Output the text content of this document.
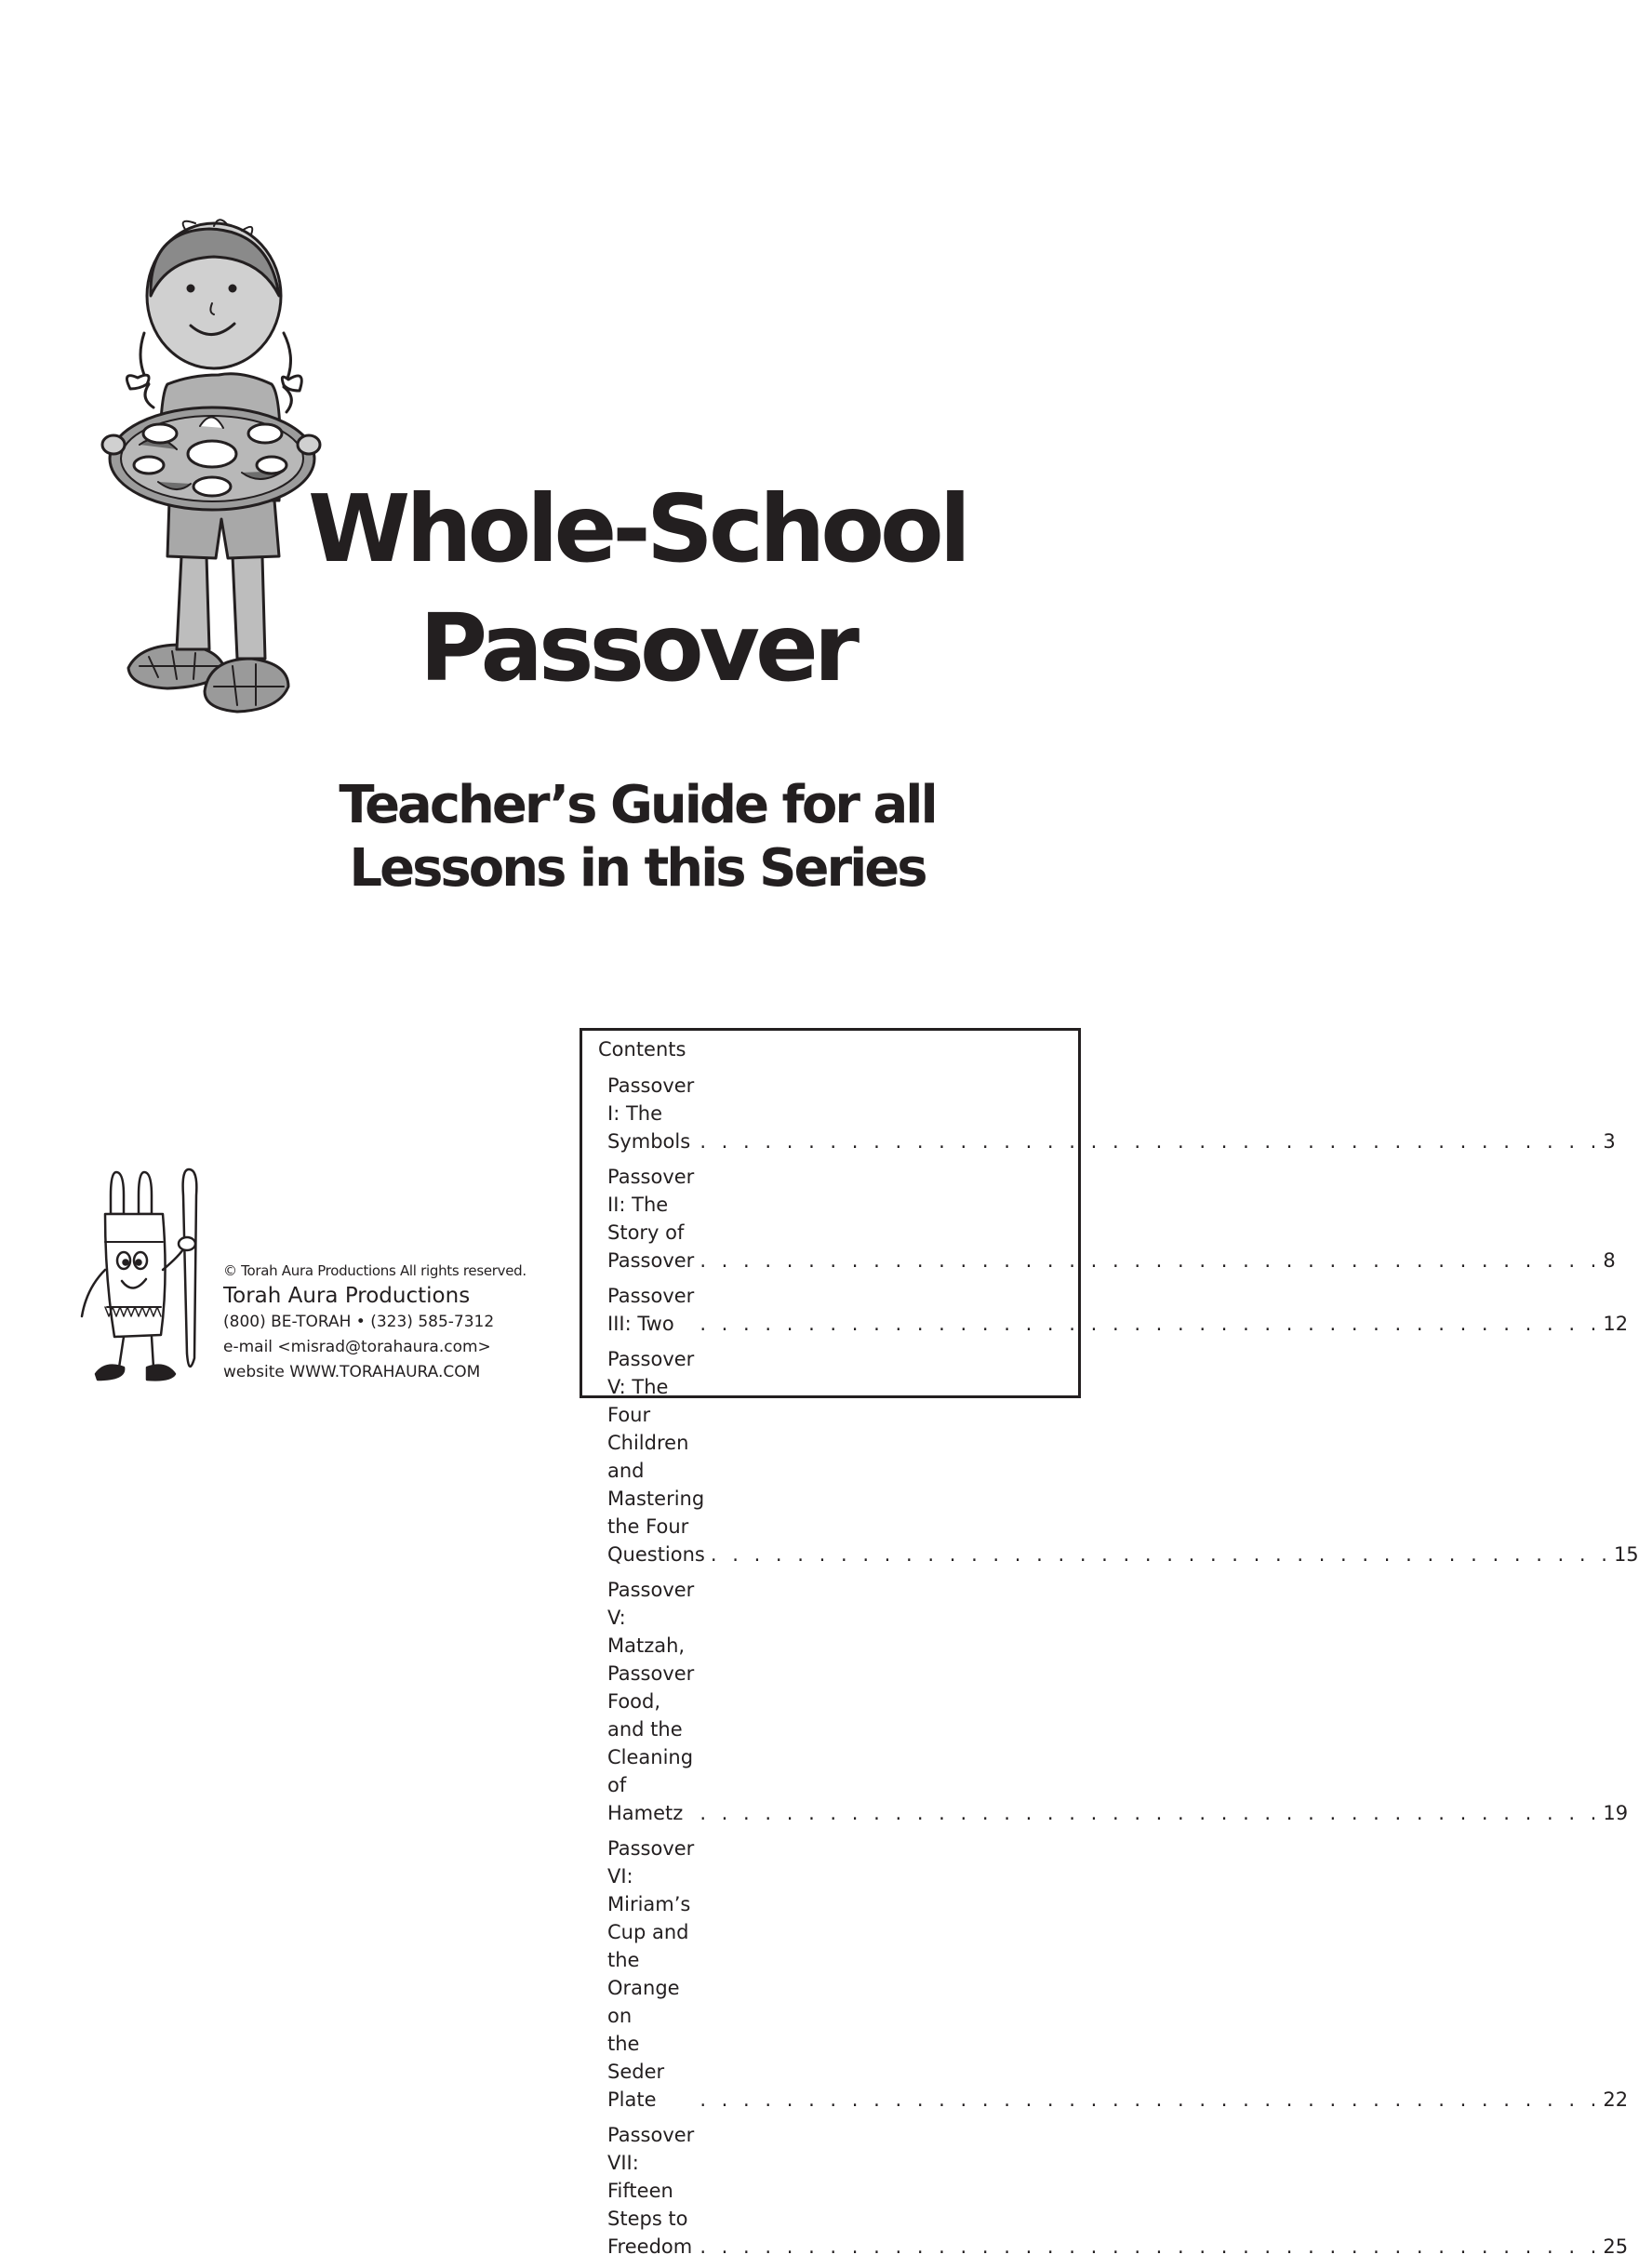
Whole-School
Passover
Teacher’s Guide for all
Lessons in this Series
© Torah Aura Productions All rights reserved.
Torah Aura Productions
(800) BE-TORAH • (323) 585-7312
e-mail <misrad@torahaura.com>
website WWW.TORAHAURA.COM
Contents
Passover I: The Symbols . . . . . . . . . . . . . . . . . . . . . . . . . . . . . . . . . . . . . . . . . . 3
Passover II: The Story of Passover . . . . . . . . . . . . . . . . . . . . . . . . . . . . . . . . . . . . . . . . . . 8
Passover III: Two	. . . . . . . . . . . . . . . . . . . . . . . . . . . . . . . . . . . . . . . . . . 12
Passover V: The Four Children and Mastering
the Four Questions . . . . . . . . . . . . . . . . . . . . . . . . . . . . . . . . . . . . . . . . . . 15
Passover V: Matzah, Passover Food, and the
Cleaning of Hametz . . . . . . . . . . . . . . . . . . . . . . . . . . . . . . . . . . . . . . . . . . 19
Passover VI: Miriam’s Cup and the Orange on
the Seder Plate	. . . . . . . . . . . . . . . . . . . . . . . . . . . . . . . . . . . . . . . . . . 22
Passover VII: Fifteen Steps to Freedom . . . . . . . . . . . . . . . . . . . . . . . . . . . . . . . . . . . . . . . . . . 25
